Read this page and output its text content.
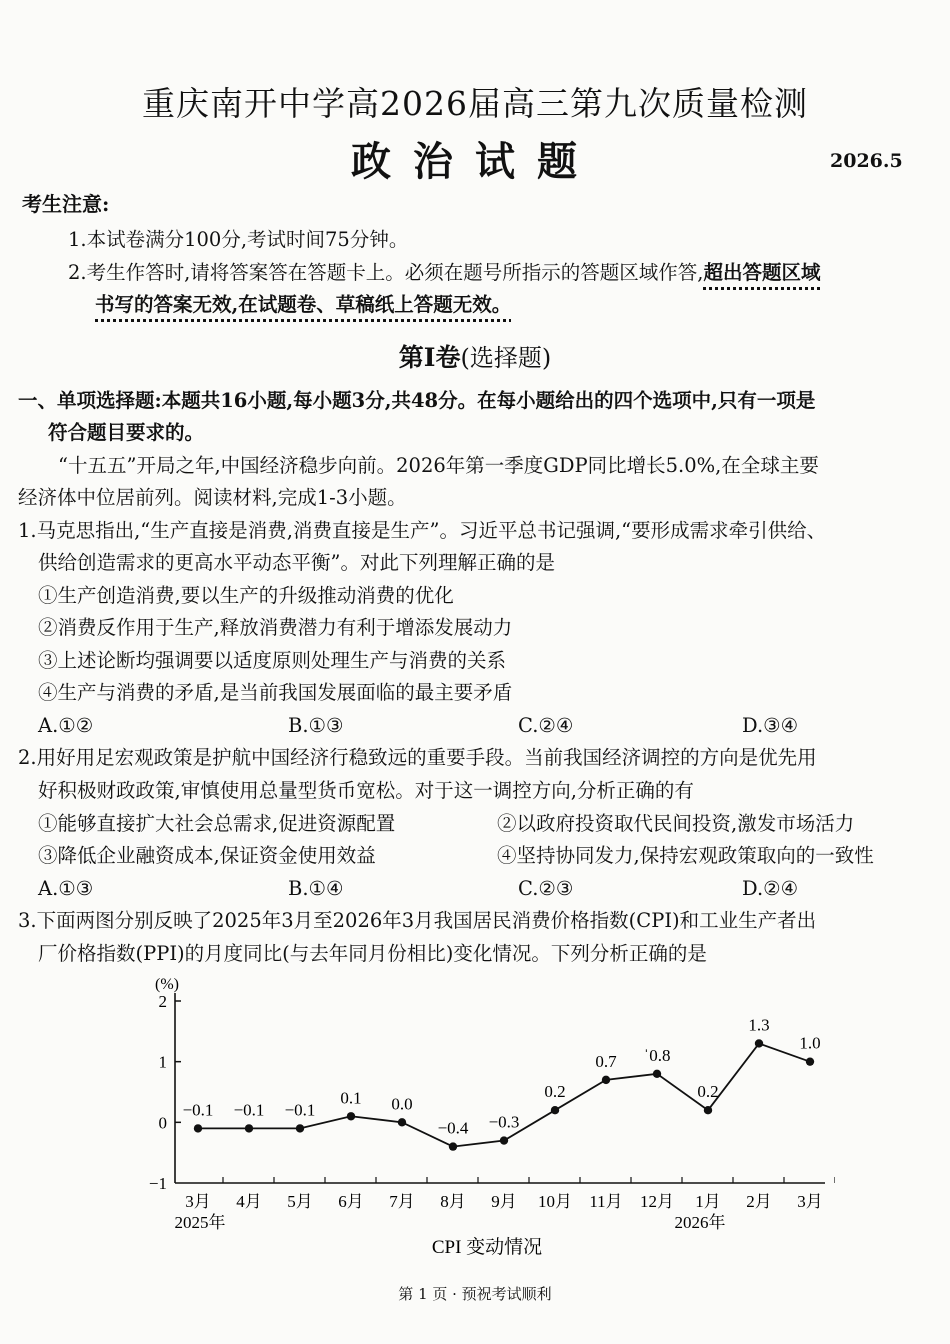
重庆南开中学高2026届高三第九次质量检测
政治试题	2026.5
考生注意:
1.本试卷满分100分,考试时间75分钟。
2.考生作答时,请将答案答在答题卡上。必须在题号所指示的答题区域作答,超出答题区域
书写的答案无效,在试题卷、草稿纸上答题无效。
第Ⅰ卷(选择题)
一、单项选择题:本题共16小题,每小题3分,共48分。在每小题给出的四个选项中,只有一项是
符合题目要求的。
“十五五”开局之年,中国经济稳步向前。2026年第一季度GDP同比增长5.0%,在全球主要
经济体中位居前列。阅读材料,完成1-3小题。
1.马克思指出,“生产直接是消费,消费直接是生产”。习近平总书记强调,“要形成需求牵引供给、
供给创造需求的更高水平动态平衡”。对此下列理解正确的是
①生产创造消费,要以生产的升级推动消费的优化
②消费反作用于生产,释放消费潜力有利于增添发展动力
③上述论断均强调要以适度原则处理生产与消费的关系
④生产与消费的矛盾,是当前我国发展面临的最主要矛盾
A.①②	B.①③	C.②④	D.③④
2.用好用足宏观政策是护航中国经济行稳致远的重要手段。当前我国经济调控的方向是优先用
好积极财政政策,审慎使用总量型货币宽松。对于这一调控方向,分析正确的有
①能够直接扩大社会总需求,促进资源配置	②以政府投资取代民间投资,激发市场活力
③降低企业融资成本,保证资金使用效益	④坚持协同发力,保持宏观政策取向的一致性
A.①③	B.①④	C.②③	D.②④
3.下面两图分别反映了2025年3月至2026年3月我国居民消费价格指数(CPI)和工业生产者出
厂价格指数(PPI)的月度同比(与去年同月份相比)变化情况。下列分析正确的是
(%)
2
1
0
−1
3月 4月 5月 6月 7月 8月 9月 10月 11月 12月 1月 2月 3月
2025年	2026年
−0.1 −0.1 −0.1
0.1 0.0
−0.4 −0.3
0.2
0.7 ˈ0.8
0.2
1.3
1.0
CPI 变动情况
第 1 页 · 预祝考试顺利
